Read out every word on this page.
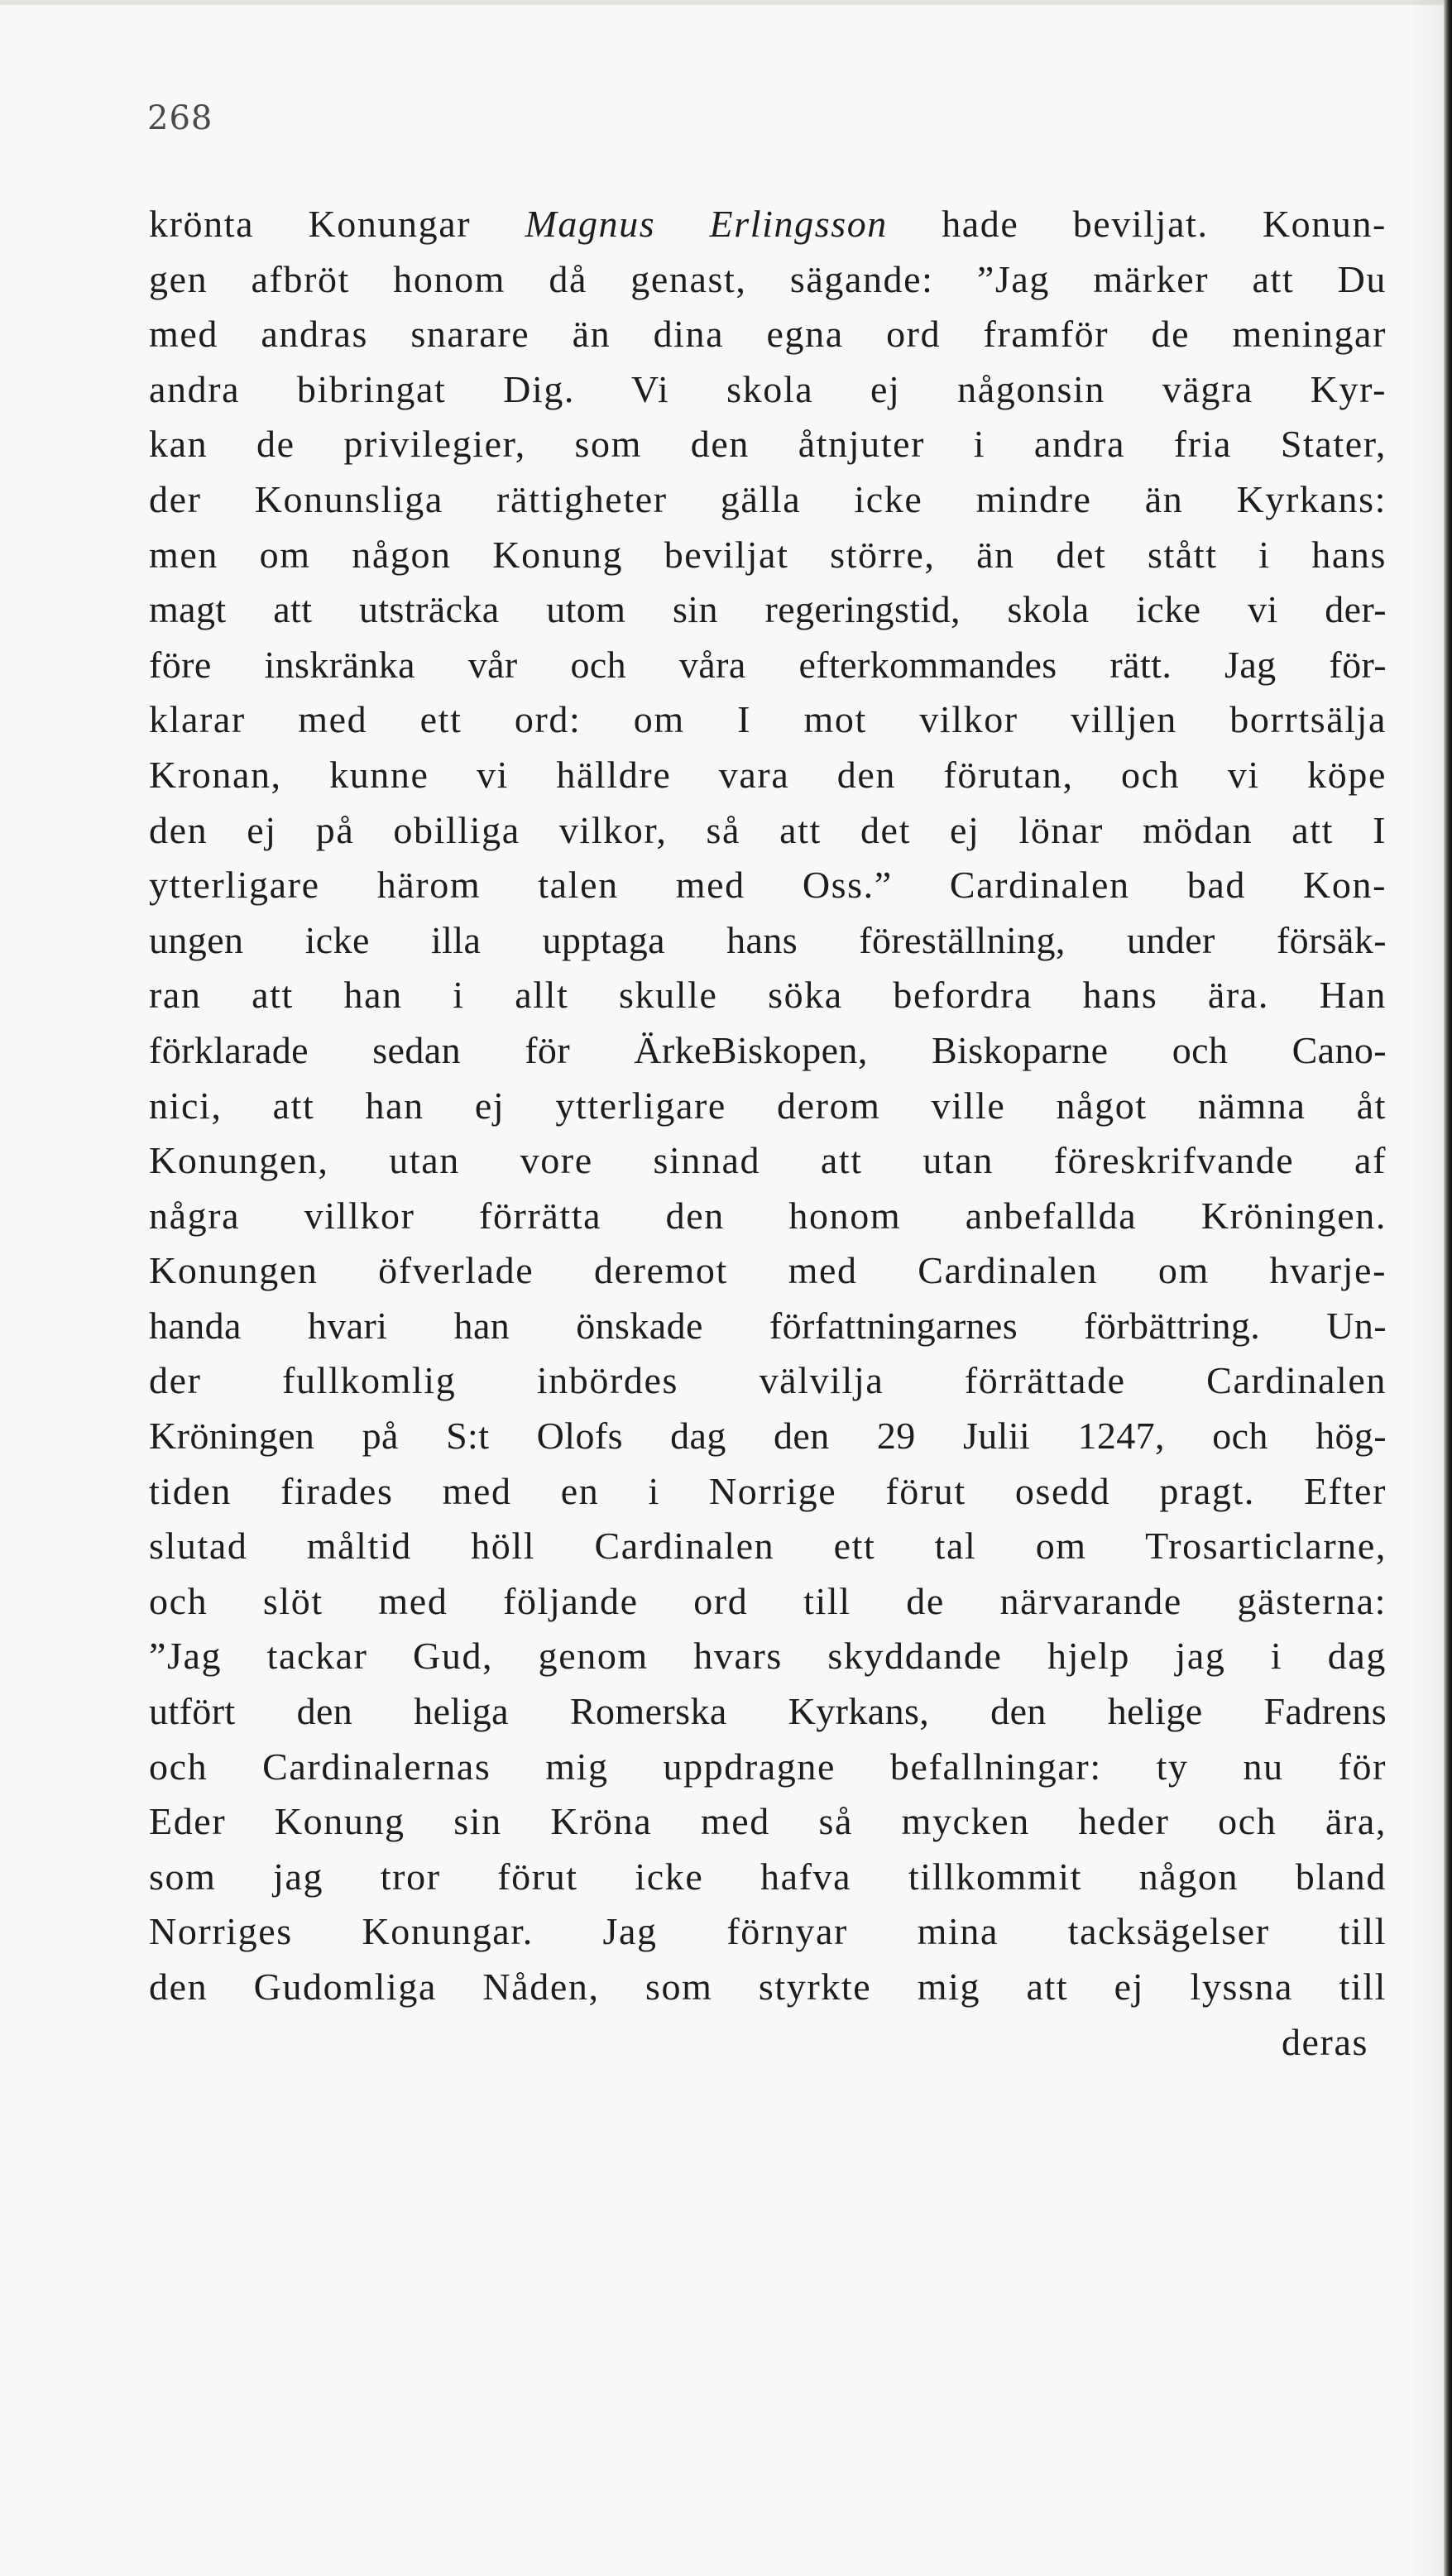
268
krönta Konungar Magnus Erlingsson hade beviljat. Konun-
gen afbröt honom då genast, sägande: ”Jag märker att Du
med andras snarare än dina egna ord framför de meningar
andra bibringat Dig. Vi skola ej någonsin vägra Kyr-
kan de privilegier, som den åtnjuter i andra fria Stater,
der Konunsliga rättigheter gälla icke mindre än Kyrkans:
men om någon Konung beviljat större, än det stått i hans
magt att utsträcka utom sin regeringstid, skola icke vi der-
före inskränka vår och våra efterkommandes rätt. Jag för-
klarar med ett ord: om I mot vilkor villjen borrtsälja
Kronan, kunne vi hälldre vara den förutan, och vi köpe
den ej på obilliga vilkor, så att det ej lönar mödan att I
ytterligare härom talen med Oss.” Cardinalen bad Kon-
ungen icke illa upptaga hans föreställning, under försäk-
ran att han i allt skulle söka befordra hans ära. Han
förklarade sedan för ÄrkeBiskopen, Biskoparne och Cano-
nici, att han ej ytterligare derom ville något nämna åt
Konungen, utan vore sinnad att utan föreskrifvande af
några villkor förrätta den honom anbefallda Kröningen.
Konungen öfverlade deremot med Cardinalen om hvarje-
handa hvari han önskade författningarnes förbättring. Un-
der fullkomlig inbördes välvilja förrättade Cardinalen
Kröningen på S:t Olofs dag den 29 Julii 1247, och hög-
tiden firades med en i Norrige förut osedd pragt. Efter
slutad måltid höll Cardinalen ett tal om Trosarticlarne,
och slöt med följande ord till de närvarande gästerna:
”Jag tackar Gud, genom hvars skyddande hjelp jag i dag
utfört den heliga Romerska Kyrkans, den helige Fadrens
och Cardinalernas mig uppdragne befallningar: ty nu för
Eder Konung sin Kröna med så mycken heder och ära,
som jag tror förut icke hafva tillkommit någon bland
Norriges Konungar. Jag förnyar mina tacksägelser till
den Gudomliga Nåden, som styrkte mig att ej lyssna till
deras
